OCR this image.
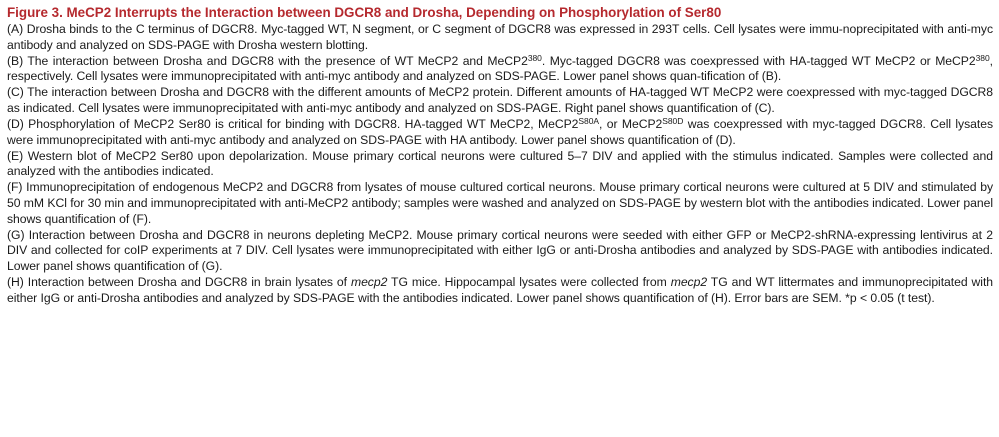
Figure 3. MeCP2 Interrupts the Interaction between DGCR8 and Drosha, Depending on Phosphorylation of Ser80
(A) Drosha binds to the C terminus of DGCR8. Myc-tagged WT, N segment, or C segment of DGCR8 was expressed in 293T cells. Cell lysates were immu-noprecipitated with anti-myc antibody and analyzed on SDS-PAGE with Drosha western blotting.
(B) The interaction between Drosha and DGCR8 with the presence of WT MeCP2 and $MeCP2^{380}$. Myc-tagged DGCR8 was coexpressed with HA-tagged WT MeCP2 or $MeCP2^{380}$, respectively. Cell lysates were immunoprecipitated with anti-myc antibody and analyzed on SDS-PAGE. Lower panel shows quan-tification of (B).
(C) The interaction between Drosha and DGCR8 with the different amounts of MeCP2 protein. Different amounts of HA-tagged WT MeCP2 were coexpressed with myc-tagged DGCR8 as indicated. Cell lysates were immunoprecipitated with anti-myc antibody and analyzed on SDS-PAGE. Right panel shows quantification of (C).
(D) Phosphorylation of MeCP2 Ser80 is critical for binding with DGCR8. HA-tagged WT MeCP2, $MeCP2^{S80A}$, or $MeCP2^{S80D}$ was coexpressed with myc-tagged DGCR8. Cell lysates were immunoprecipitated with anti-myc antibody and analyzed on SDS-PAGE with HA antibody. Lower panel shows quantification of (D).
(E) Western blot of MeCP2 Ser80 upon depolarization. Mouse primary cortical neurons were cultured 5–7 DIV and applied with the stimulus indicated. Samples were collected and analyzed with the antibodies indicated.
(F) Immunoprecipitation of endogenous MeCP2 and DGCR8 from lysates of mouse cultured cortical neurons. Mouse primary cortical neurons were cultured at 5 DIV and stimulated by 50 mM KCl for 30 min and immunoprecipitated with anti-MeCP2 antibody; samples were washed and analyzed on SDS-PAGE by western blot with the antibodies indicated. Lower panel shows quantification of (F).
(G) Interaction between Drosha and DGCR8 in neurons depleting MeCP2. Mouse primary cortical neurons were seeded with either GFP or MeCP2-shRNA-expressing lentivirus at 2 DIV and collected for coIP experiments at 7 DIV. Cell lysates were immunoprecipitated with either IgG or anti-Drosha antibodies and analyzed by SDS-PAGE with antibodies indicated. Lower panel shows quantification of (G).
(H) Interaction between Drosha and DGCR8 in brain lysates of mecp2 TG mice. Hippocampal lysates were collected from mecp2 TG and WT littermates and immunoprecipitated with either IgG or anti-Drosha antibodies and analyzed by SDS-PAGE with the antibodies indicated. Lower panel shows quantification of (H). Error bars are SEM. *p < 0.05 (t test).
